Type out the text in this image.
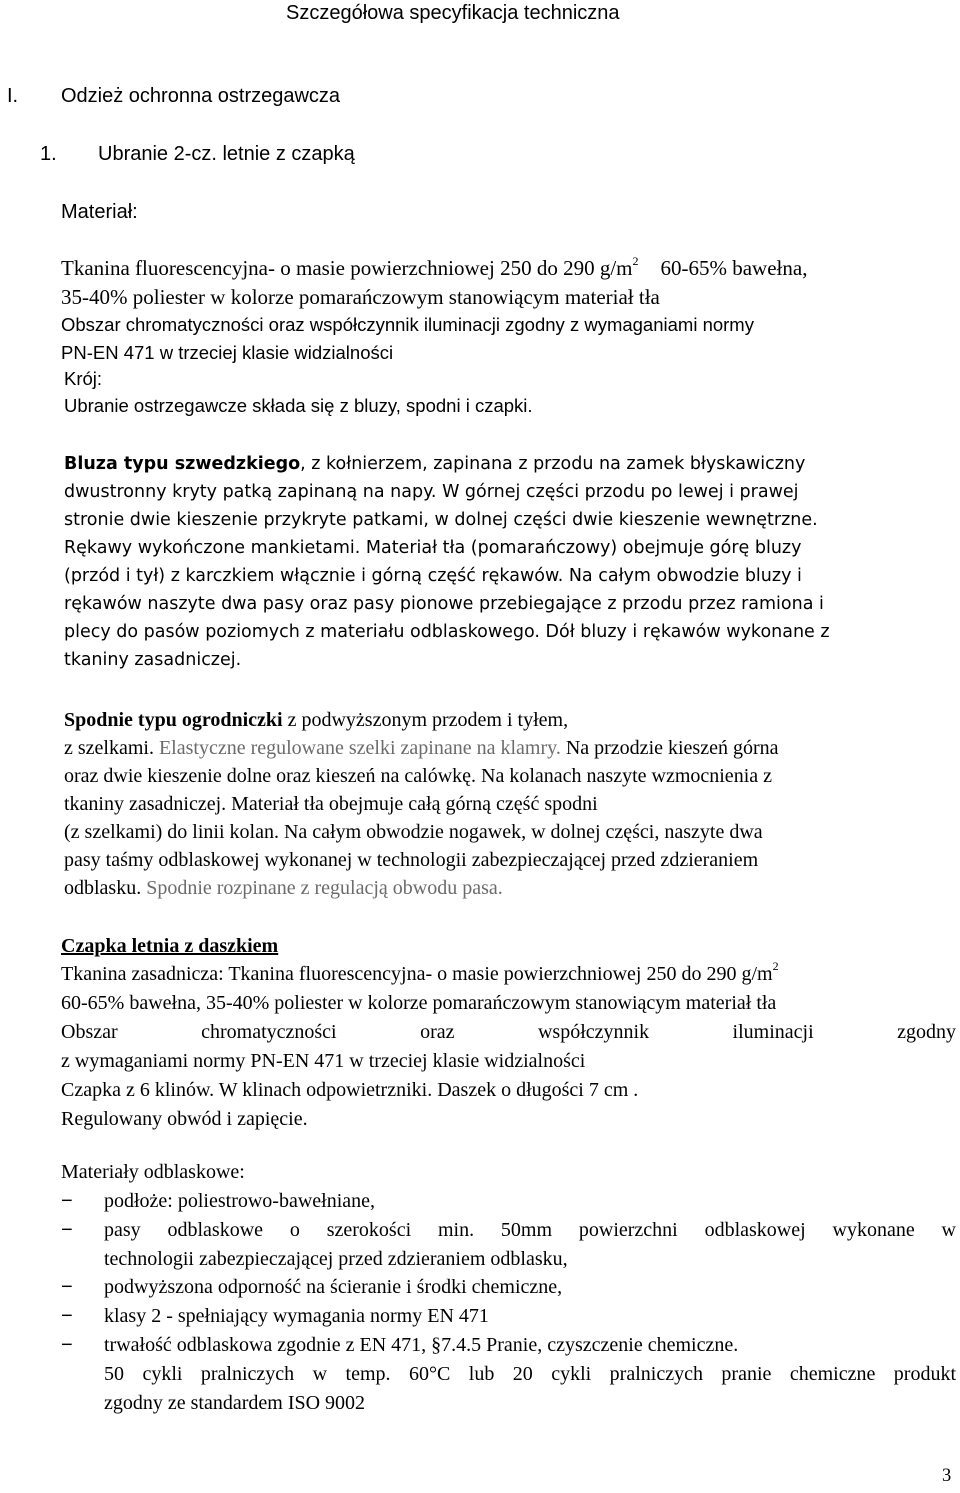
Szczegółowa specyfikacja techniczna
I. Odzież ochronna ostrzegawcza
1. Ubranie 2-cz. letnie z czapką
Materiał:
Tkanina fluorescencyjna- o masie powierzchniowej 250 do 290 $g/m^2$ 60-65% bawełna,
35-40% poliester w kolorze pomarańczowym stanowiącym materiał tła
Obszar chromatyczności oraz współczynnik iluminacji zgodny z wymaganiami normy
PN-EN 471 w trzeciej klasie widzialności
Krój:
Ubranie ostrzegawcze składa się z bluzy, spodni i czapki.
Bluza typu szwedzkiego, z kołnierzem, zapinana z przodu na zamek błyskawiczny
dwustronny kryty patką zapinaną na napy. W górnej części przodu po lewej i prawej
stronie dwie kieszenie przykryte patkami, w dolnej części dwie kieszenie wewnętrzne.
Rękawy wykończone mankietami. Materiał tła (pomarańczowy) obejmuje górę bluzy
(przód i tył) z karczkiem włącznie i górną część rękawów. Na całym obwodzie bluzy i
rękawów naszyte dwa pasy oraz pasy pionowe przebiegające z przodu przez ramiona i
plecy do pasów poziomych z materiału odblaskowego. Dół bluzy i rękawów wykonane z
tkaniny zasadniczej.
Spodnie typu ogrodniczki z podwyższonym przodem i tyłem,
z szelkami. Elastyczne regulowane szelki zapinane na klamry. Na przodzie kieszeń górna
oraz dwie kieszenie dolne oraz kieszeń na calówkę. Na kolanach naszyte wzmocnienia z
tkaniny zasadniczej. Materiał tła obejmuje całą górną część spodni
(z szelkami) do linii kolan. Na całym obwodzie nogawek, w dolnej części, naszyte dwa
pasy taśmy odblaskowej wykonanej w technologii zabezpieczającej przed zdzieraniem
odblasku. Spodnie rozpinane z regulacją obwodu pasa.
Czapka letnia z daszkiem
Tkanina zasadnicza: Tkanina fluorescencyjna- o masie powierzchniowej 250 do 290 $g/m^2$
60-65% bawełna, 35-40% poliester w kolorze pomarańczowym stanowiącym materiał tła
Obszar	chromatyczności	oraz	współczynnik	iluminacji	zgodny
z wymaganiami normy PN-EN 471 w trzeciej klasie widzialności
Czapka z 6 klinów. W klinach odpowietrzniki. Daszek o długości 7 cm .
Regulowany obwód i zapięcie.
Materiały odblaskowe:
− podłoże: poliestrowo-bawełniane,
− pasy odblaskowe o szerokości min. 50mm powierzchni odblaskowej wykonane w
technologii zabezpieczającej przed zdzieraniem odblasku,
− podwyższona odporność na ścieranie i środki chemiczne,
− klasy 2 - spełniający wymagania normy EN 471
− trwałość odblaskowa zgodnie z EN 471, §7.4.5 Pranie, czyszczenie chemiczne.
50 cykli pralniczych w temp. 60°C lub 20 cykli pralniczych pranie chemiczne produkt
zgodny ze standardem ISO 9002
3
